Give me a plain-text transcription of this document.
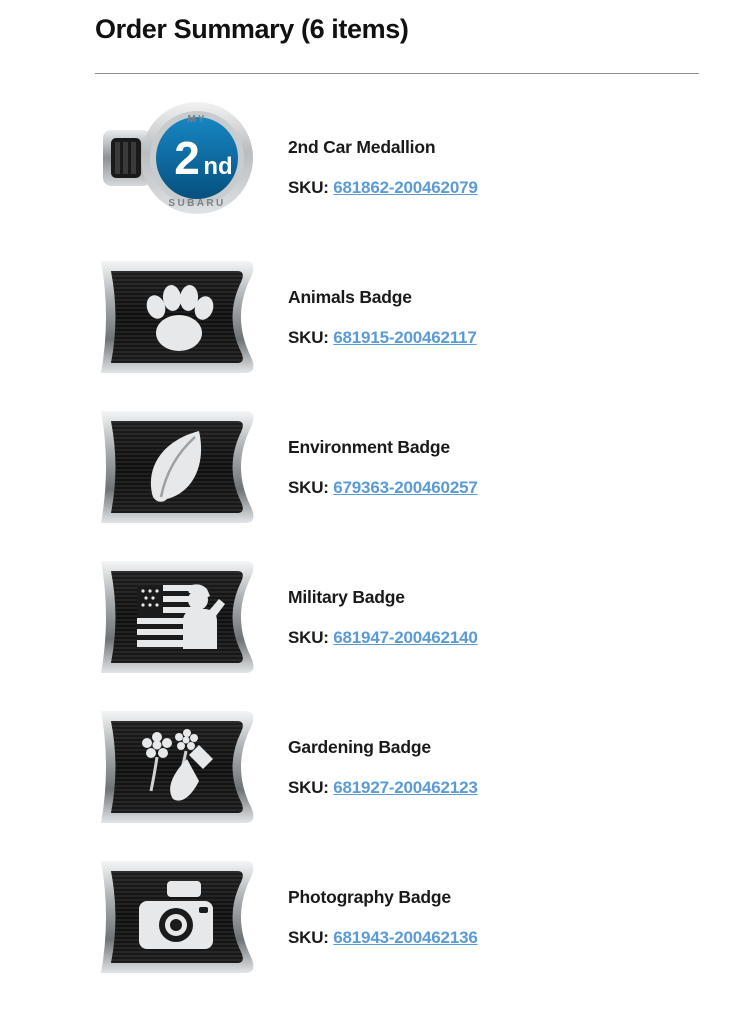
Order Summary (6 items)
MY
SUBARU
2 nd
2nd Car Medallion
SKU: 681862-200462079
Animals Badge
SKU: 681915-200462117
Environment Badge
SKU: 679363-200460257
Military Badge
SKU: 681947-200462140
Gardening Badge
SKU: 681927-200462123
Photography Badge
SKU: 681943-200462136
